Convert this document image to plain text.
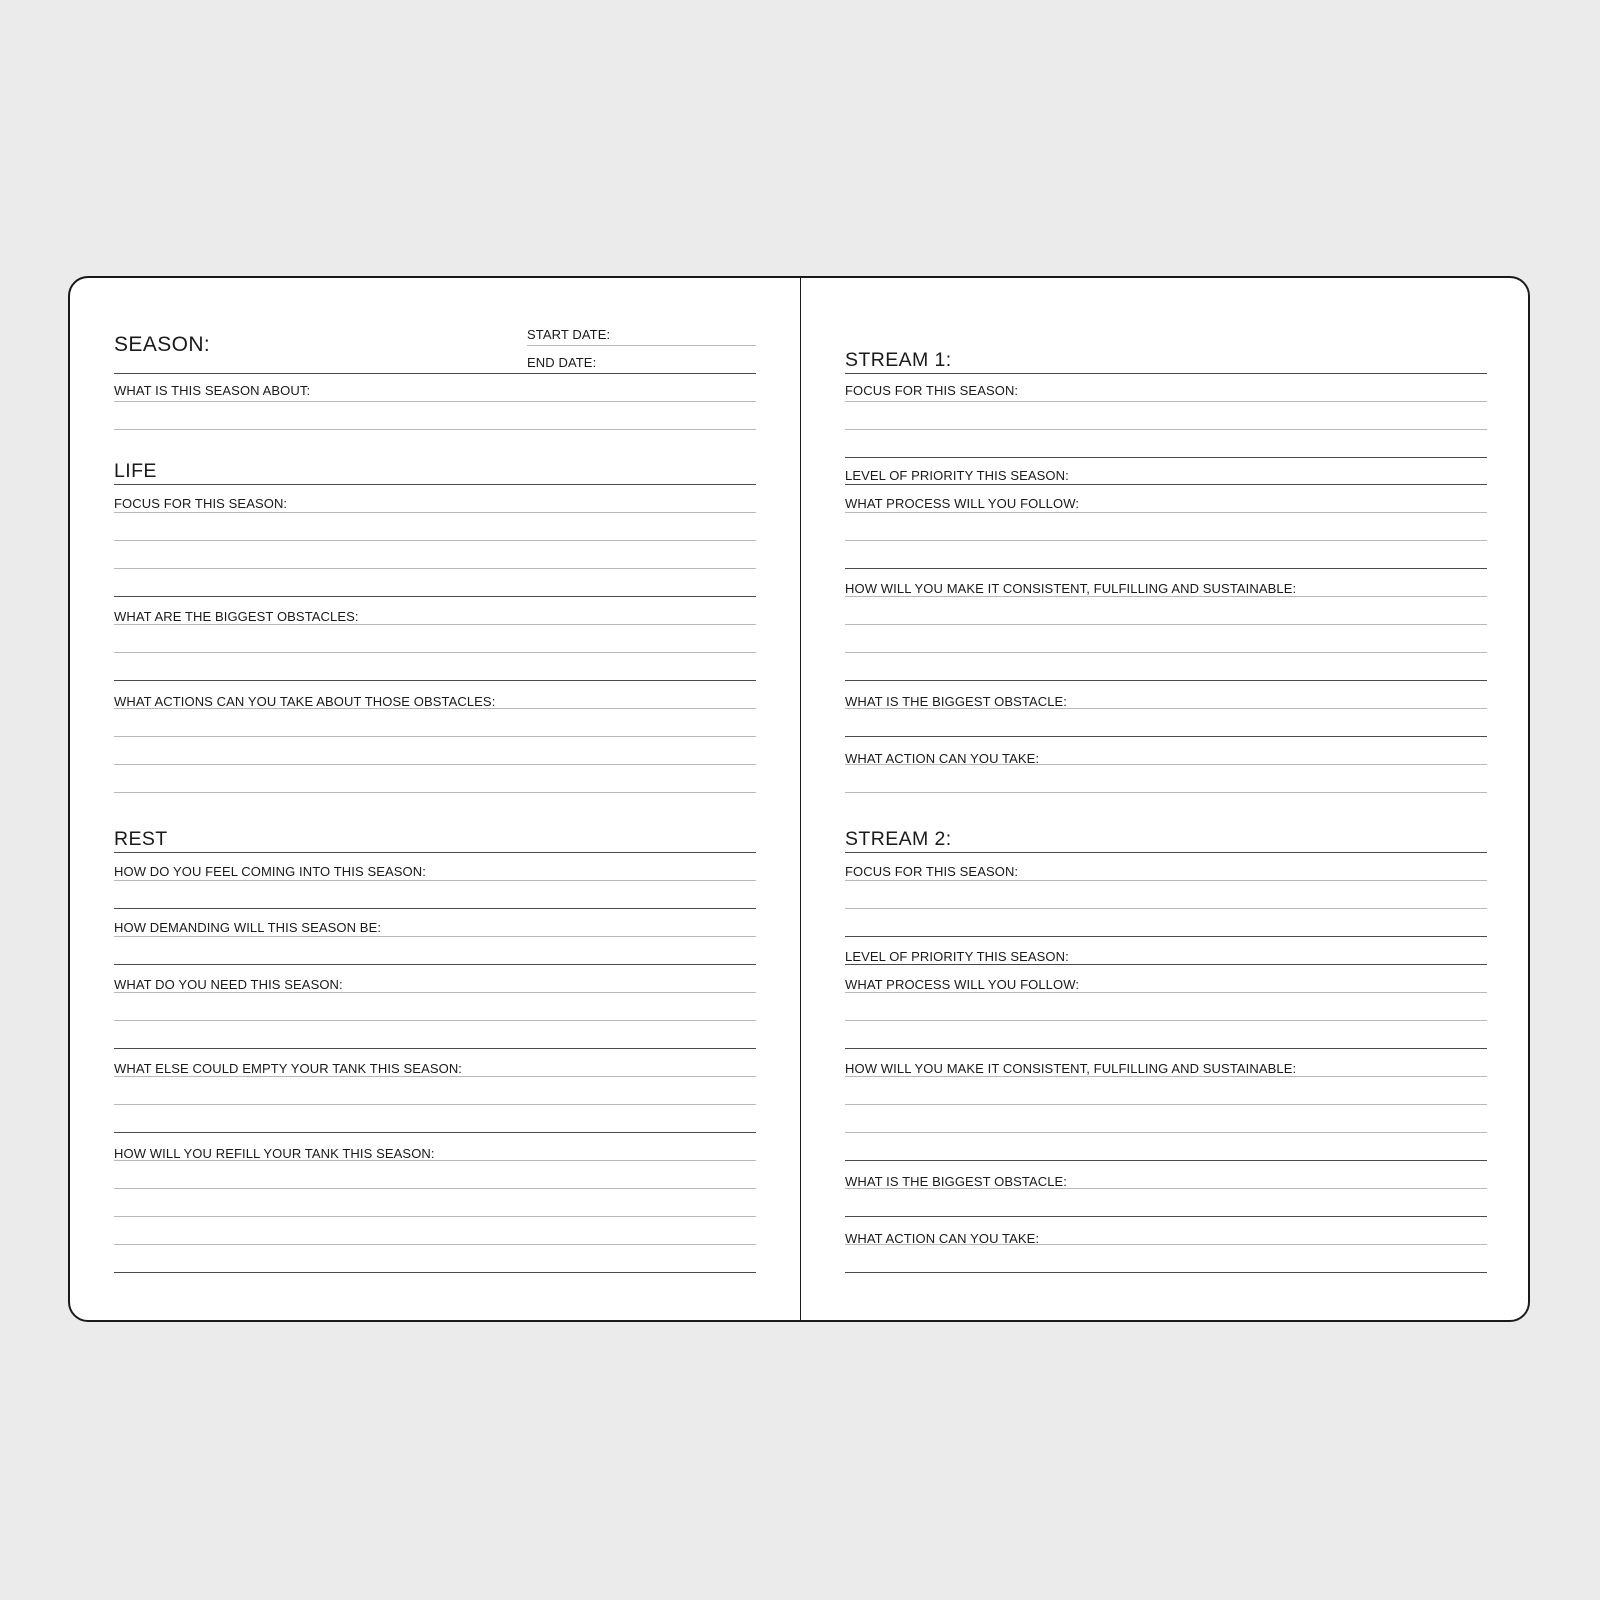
SEASON:	START DATE:
END DATE:
WHAT IS THIS SEASON ABOUT:
LIFE
FOCUS FOR THIS SEASON:
WHAT ARE THE BIGGEST OBSTACLES:
WHAT ACTIONS CAN YOU TAKE ABOUT THOSE OBSTACLES:
REST
HOW DO YOU FEEL COMING INTO THIS SEASON:
HOW DEMANDING WILL THIS SEASON BE:
WHAT DO YOU NEED THIS SEASON:
WHAT ELSE COULD EMPTY YOUR TANK THIS SEASON:
HOW WILL YOU REFILL YOUR TANK THIS SEASON:
STREAM 1:
FOCUS FOR THIS SEASON:
LEVEL OF PRIORITY THIS SEASON:
WHAT PROCESS WILL YOU FOLLOW:
HOW WILL YOU MAKE IT CONSISTENT, FULFILLING AND SUSTAINABLE:
WHAT IS THE BIGGEST OBSTACLE:
WHAT ACTION CAN YOU TAKE:
STREAM 2:
FOCUS FOR THIS SEASON:
LEVEL OF PRIORITY THIS SEASON:
WHAT PROCESS WILL YOU FOLLOW:
HOW WILL YOU MAKE IT CONSISTENT, FULFILLING AND SUSTAINABLE:
WHAT IS THE BIGGEST OBSTACLE:
WHAT ACTION CAN YOU TAKE:
